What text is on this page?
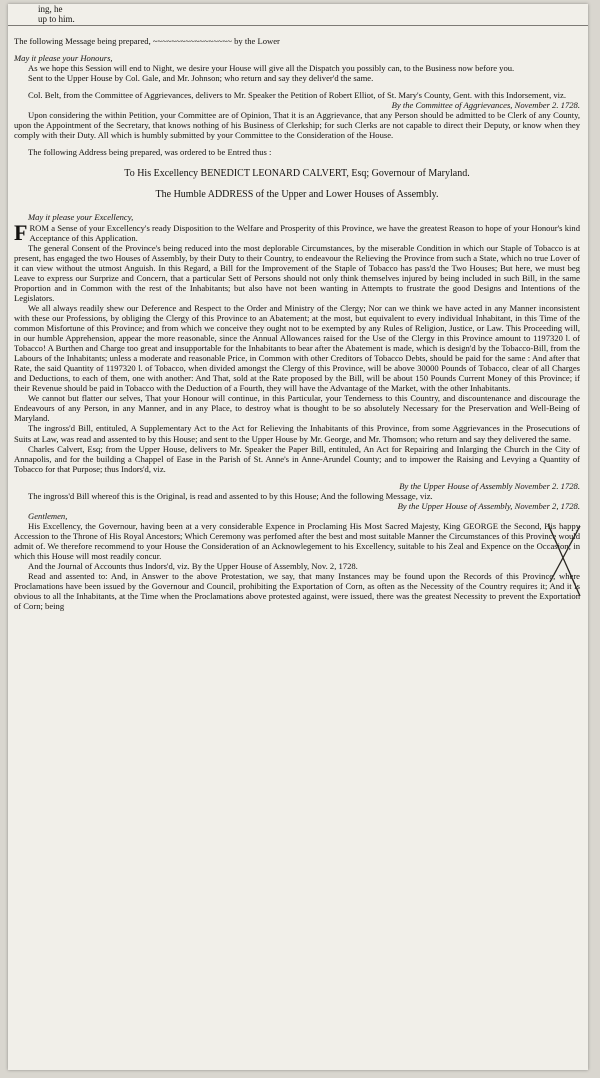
ing, he
up to him.

The following Message being prepared, ~~~~~~~~~~~~~~~~~ by the Lower

May it please your Honours,

As we hope this Session will end to Night, we desire your House will give all the Dispatch you possibly can, to the Business now before you.

Sent to the Upper House by Col. Gale, and Mr. Johnson; who return and say they deliver'd the same.

Col. Belt, from the Committee of Aggrievances, delivers to Mr. Speaker the Petition of Robert Elliot, of St. Mary's County, Gent. with this Indorsement, viz.

By the Committee of Aggrievances, November 2. 1728.

Upon considering the within Petition, your Committee are of Opinion, That it is an Aggrievance, that any Person should be admitted to be Clerk of any County, upon the Appointment of the Secretary, that knows nothing of his Business of Clerkship; for such Clerks are not capable to direct their Deputy, or know when they comply with their Duty. All which is humbly submitted by your Committee to the Consideration of the House.

The following Address being prepared, was ordered to be Entred thus :

To His Excellency BENEDICT LEONARD CALVERT, Esq; Governour of Maryland.

The Humble ADDRESS of the Upper and Lower Houses of Assembly.

May it please your Excellency,

FROM a Sense of your Excellency's ready Disposition to the Welfare and Prosperity of this Province, we have the greatest Reason to hope of your Honour's kind Acceptance of this Application.

The general Consent of the Province's being reduced into the most deplorable Circumstances, by the miserable Condition in which our Staple of Tobacco is at present, has engaged the two Houses of Assembly, by their Duty to their Country, to endeavour the Relieving the Province from such a State, which no true Lover of it can view without the utmost Anguish. In this Regard, a Bill for the Improvement of the Staple of Tobacco has pass'd the Two Houses; But here, we must beg Leave to express our Surprize and Concern, that a particular Sett of Persons should not only think themselves injured by being included in such Bill, in the same Proportion and in Common with the rest of the Inhabitants; but also have not been wanting in Attempts to frustrate the good Designs and Intentions of the Legislators.

We all always readily shew our Deference and Respect to the Order and Ministry of the Clergy; Nor can we think we have acted in any Manner inconsistent with these our Professions, by obliging the Clergy of this Province to an Abatement; at the most, but equivalent to every individual Inhabitant, in this Time of the common Misfortune of this Province; and from which we conceive they ought not to be exempted by any Rules of Religion, Justice, or Law. This Proceeding will, in our humble Apprehension, appear the more reasonable, since the Annual Allowances raised for the Use of the Clergy in this Province amount to 1197320 l. of Tobacco! A Burthen and Charge too great and insupportable for the Inhabitants to bear after the Abatement is made, which is design'd by the Tobacco-Bill, from the Labours of the Inhabitants; unless a moderate and reasonable Price, in Common with other Creditors of Tobacco Debts, should be paid for the same : And after that Rate, the said Quantity of 1197320 l. of Tobacco, when divided amongst the Clergy of this Province, will be above 30000 Pounds of Tobacco, clear of all Charges and Deductions, to each of them, one with another: And That, sold at the Rate proposed by the Bill, will be about 150 Pounds Current Money of this Province; if their Revenue should be paid in Tobacco with the Deduction of a Fourth, they will have the Advantage of the Market, with the other Inhabitants.

We cannot but flatter our selves, That your Honour will continue, in this Particular, your Tenderness to this Country, and discountenance and discourage the Endeavours of any Person, in any Manner, and in any Place, to destroy what is thought to be so absolutely Necessary for the Preservation and Well-Being of Maryland.

The ingross'd Bill, entituled, A Supplementary Act to the Act for Relieving the Inhabitants of this Province, from some Aggrievances in the Prosecutions of Suits at Law, was read and assented to by this House; and sent to the Upper House by Mr. George, and Mr. Thomson; who return and say they delivered the same.

Charles Calvert, Esq; from the Upper House, delivers to Mr. Speaker the Paper Bill, entituled, An Act for Repairing and Inlarging the Church in the City of Annapolis, and for the building a Chappel of Ease in the Parish of St. Anne's in Anne-Arundel County; and to impower the Raising and Levying a Quantity of Tobacco for that Purpose; thus Indors'd, viz.

By the Upper House of Assembly November 2. 1728.

The ingross'd Bill whereof this is the Original, is read and assented to by this House; And the following Message, viz.

By the Upper House of Assembly, November 2, 1728.

Gentlemen,

His Excellency, the Governour, having been at a very considerable Expence in Proclaming His Most Sacred Majesty, King GEORGE the Second, His happy Accession to the Throne of His Royal Ancestors; Which Ceremony was perfomed after the best and most suitable Manner the Circumstances of this Province would admit of. We therefore recommend to your House the Consideration of an Acknowlegement to his Excellency, suitable to his Zeal and Expence on the Occasion; in which this House will most readily concur.

And the Journal of Accounts thus Indors'd, viz. By the Upper House of Assembly, Nov. 2, 1728.

Read and assented to: And, in Answer to the above Protestation, we say, that many Instances may be found upon the Records of this Province, where Proclamations have been issued by the Governour and Council, prohibiting the Exportation of Corn, as often as the Necessity of the Country requires it; And it is obvious to all the Inhabitants, at the Time when the Proclamations above protested against, were issued, there was the greatest Necessity to prevent the Exportation of Corn; being
